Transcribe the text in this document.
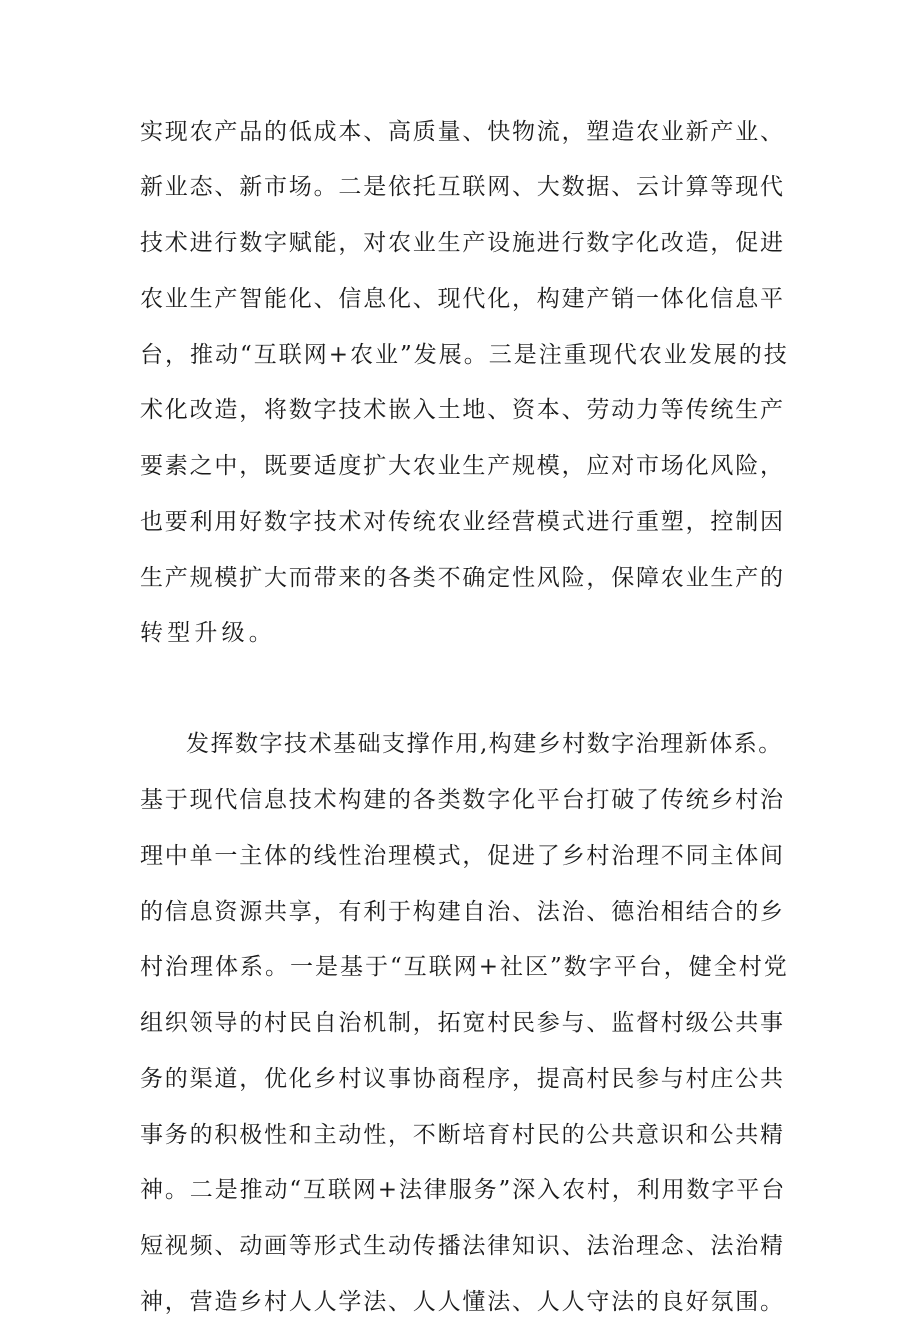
实现农产品的低成本、高质量、快物流，塑造农业新产业、
新业态、新市场。二是依托互联网、大数据、云计算等现代
技术进行数字赋能，对农业生产设施进行数字化改造，促进
农业生产智能化、信息化、现代化，构建产销一体化信息平
台，推动“互联网+农业”发展。三是注重现代农业发展的技
术化改造，将数字技术嵌入土地、资本、劳动力等传统生产
要素之中，既要适度扩大农业生产规模，应对市场化风险，
也要利用好数字技术对传统农业经营模式进行重塑，控制因
生产规模扩大而带来的各类不确定性风险，保障农业生产的
转型升级。
发挥数字技术基础支撑作用,构建乡村数字治理新体系。
基于现代信息技术构建的各类数字化平台打破了传统乡村治
理中单一主体的线性治理模式，促进了乡村治理不同主体间
的信息资源共享，有利于构建自治、法治、德治相结合的乡
村治理体系。一是基于“互联网+社区”数字平台，健全村党
组织领导的村民自治机制，拓宽村民参与、监督村级公共事
务的渠道，优化乡村议事协商程序，提高村民参与村庄公共
事务的积极性和主动性，不断培育村民的公共意识和公共精
神。二是推动“互联网+法律服务”深入农村，利用数字平台
短视频、动画等形式生动传播法律知识、法治理念、法治精
神，营造乡村人人学法、人人懂法、人人守法的良好氛围。
